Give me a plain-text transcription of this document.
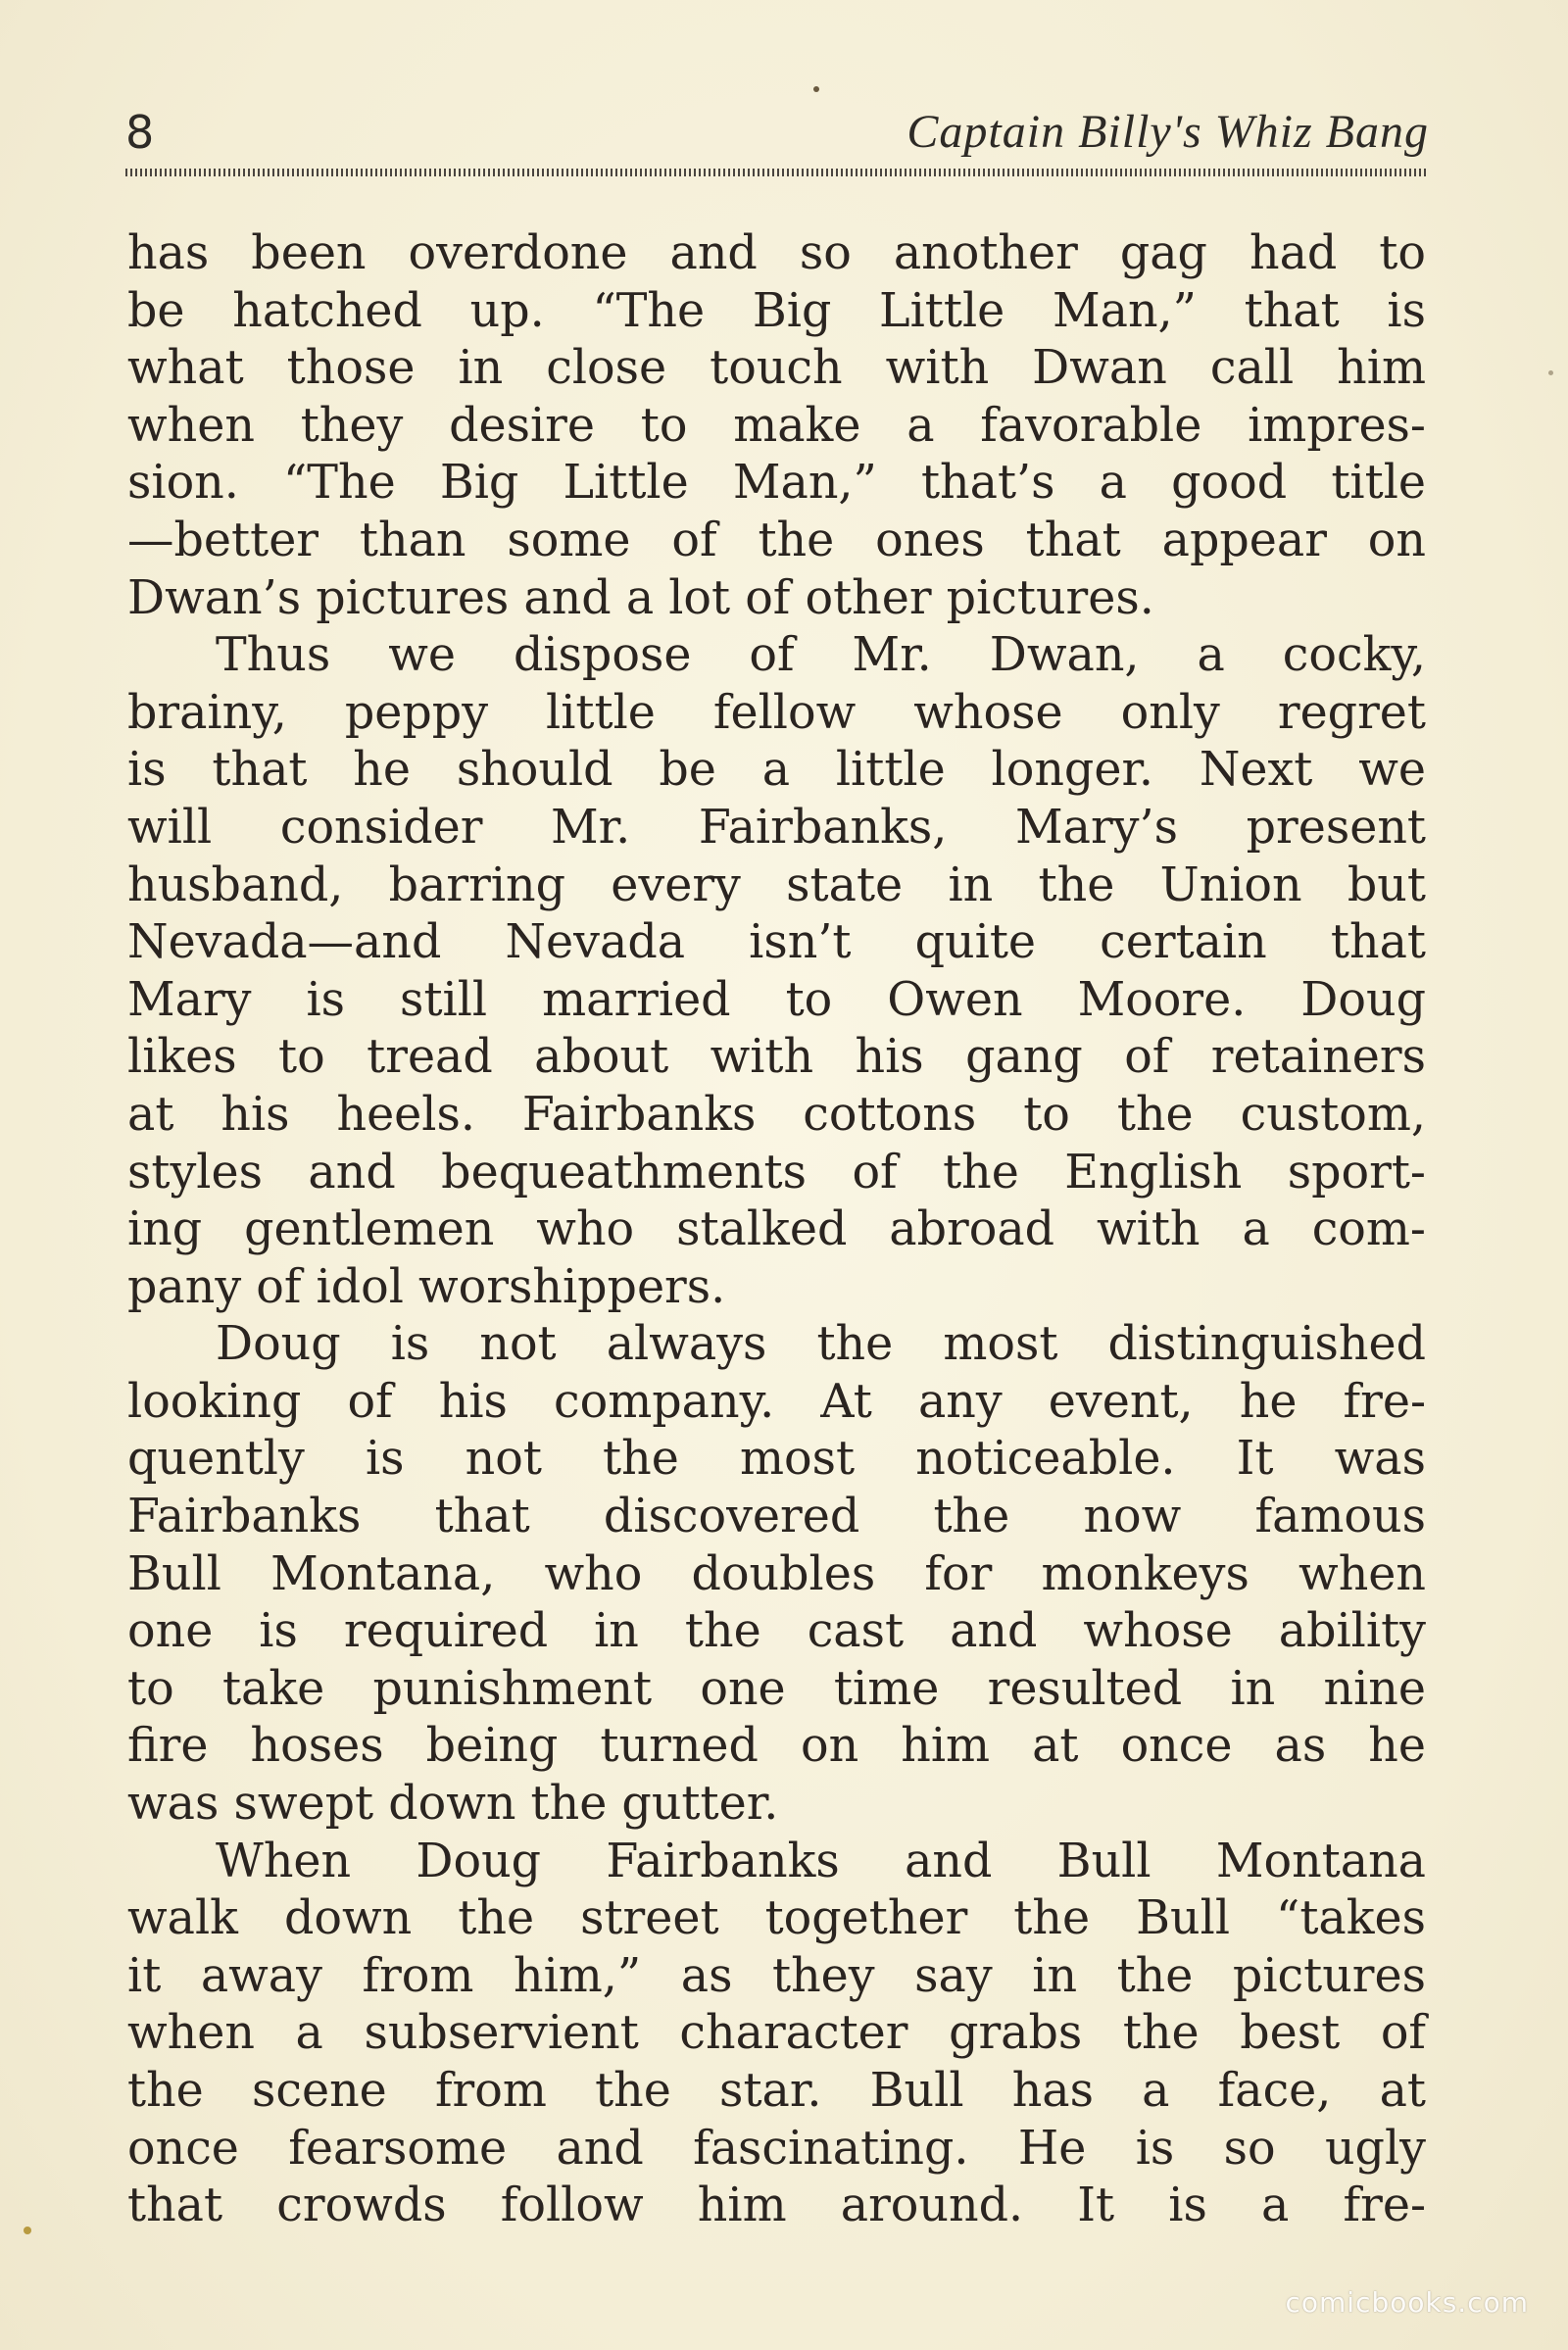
8	Captain Billy's Whiz Bang
has been overdone and so another gag had to
be hatched up. “The Big Little Man,” that is
what those in close touch with Dwan call him
when they desire to make a favorable impres-
sion. “The Big Little Man,” that’s a good title
—better than some of the ones that appear on
Dwan’s pictures and a lot of other pictures.
Thus we dispose of Mr. Dwan, a cocky,
brainy, peppy little fellow whose only regret
is that he should be a little longer. Next we
will consider Mr. Fairbanks, Mary’s present
husband, barring every state in the Union but
Nevada—and Nevada isn’t quite certain that
Mary is still married to Owen Moore. Doug
likes to tread about with his gang of retainers
at his heels. Fairbanks cottons to the custom,
styles and bequeathments of the English sport-
ing gentlemen who stalked abroad with a com-
pany of idol worshippers.
Doug is not always the most distinguished
looking of his company. At any event, he fre-
quently is not the most noticeable. It was
Fairbanks that discovered the now famous
Bull Montana, who doubles for monkeys when
one is required in the cast and whose ability
to take punishment one time resulted in nine
fire hoses being turned on him at once as he
was swept down the gutter.
When Doug Fairbanks and Bull Montana
walk down the street together the Bull “takes
it away from him,” as they say in the pictures
when a subservient character grabs the best of
the scene from the star. Bull has a face, at
once fearsome and fascinating. He is so ugly
that crowds follow him around. It is a fre-
comicbooks.com
